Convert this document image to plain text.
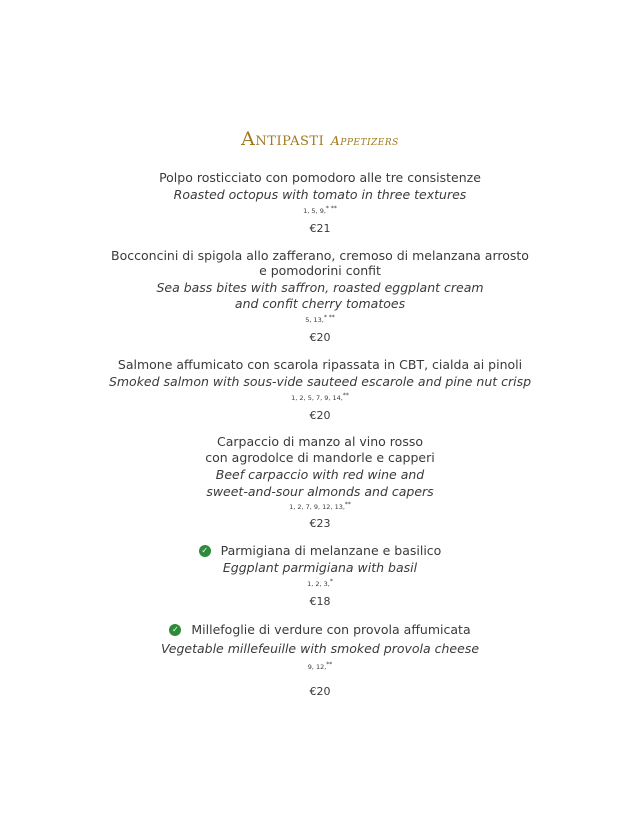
Antipasti Appetizers
Polpo rosticciato con pomodoro alle tre consistenze
Roasted octopus with tomato in three textures
1, 5, 9,* **
€21
Bocconcini di spigola allo zafferano, cremoso di melanzana arrosto
e pomodorini confit
Sea bass bites with saffron, roasted eggplant cream
and confit cherry tomatoes
5, 13,* **
€20
Salmone affumicato con scarola ripassata in CBT, cialda ai pinoli
Smoked salmon with sous-vide sauteed escarole and pine nut crisp
1, 2, 5, 7, 9, 14,**
€20
Carpaccio di manzo al vino rosso
con agrodolce di mandorle e capperi
Beef carpaccio with red wine and
sweet-and-sour almonds and capers
1, 2, 7, 9, 12, 13,**
€23
✓ Parmigiana di melanzane e basilico
Eggplant parmigiana with basil
1, 2, 3,*
€18
✓ Millefoglie di verdure con provola affumicata
Vegetable millefeuille with smoked provola cheese
9, 12,**
€20
